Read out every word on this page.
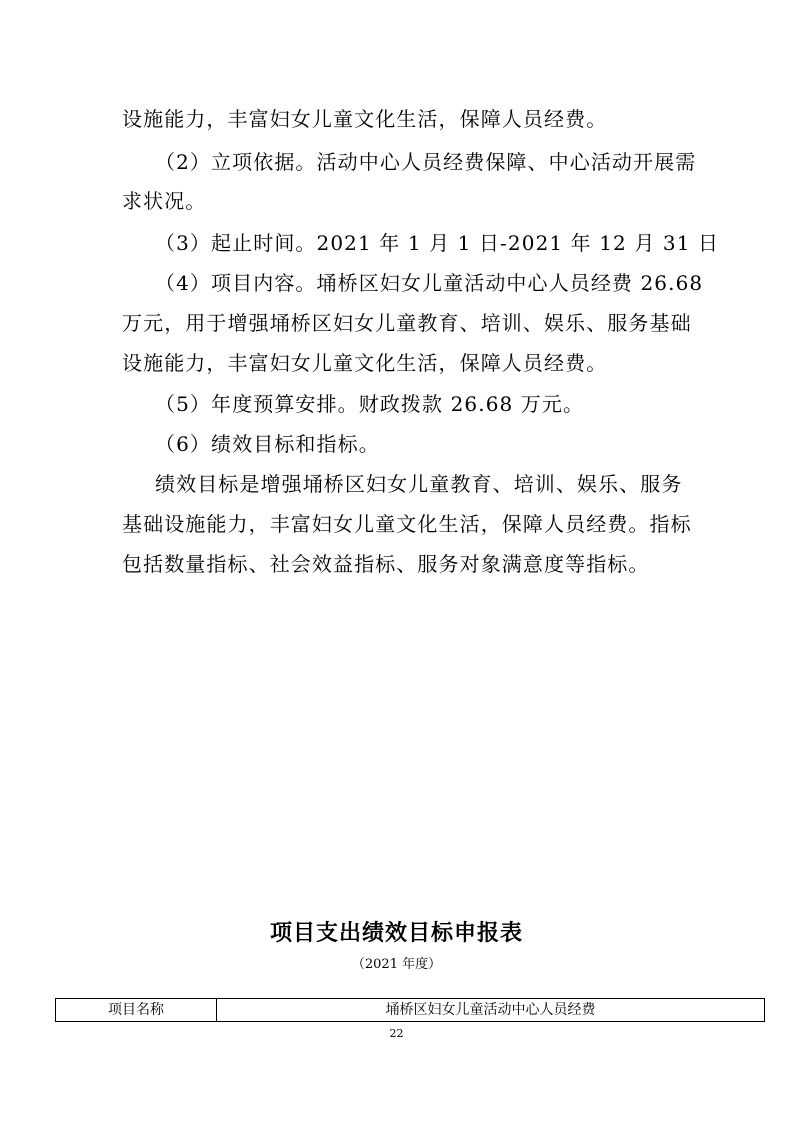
设施能力，丰富妇女儿童文化生活，保障人员经费。

（2）立项依据。活动中心人员经费保障、中心活动开展需

求状况。

（3）起止时间。2021 年 1 月 1 日-2021 年 12 月 31 日

（4）项目内容。埇桥区妇女儿童活动中心人员经费 26.68

万元，用于增强埇桥区妇女儿童教育、培训、娱乐、服务基础

设施能力，丰富妇女儿童文化生活，保障人员经费。

（5）年度预算安排。财政拨款 26.68 万元。

（6）绩效目标和指标。

绩效目标是增强埇桥区妇女儿童教育、培训、娱乐、服务

基础设施能力，丰富妇女儿童文化生活，保障人员经费。指标

包括数量指标、社会效益指标、服务对象满意度等指标。

项目支出绩效目标申报表
（2021 年度）
项目名称	埇桥区妇女儿童活动中心人员经费
22
